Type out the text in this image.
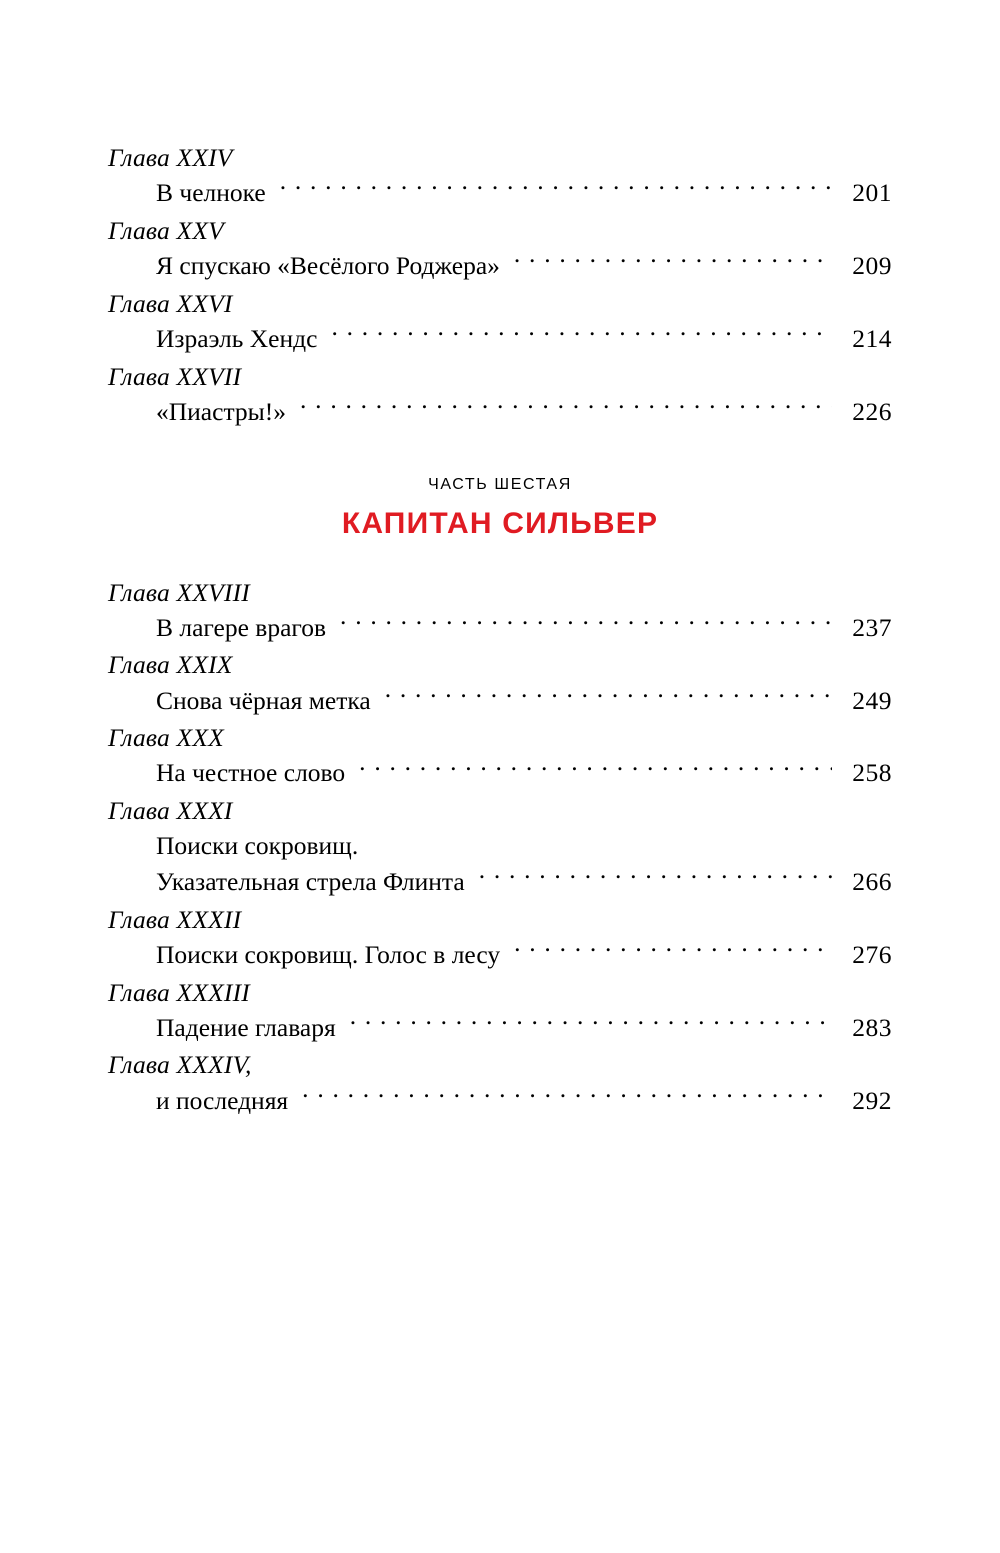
Глава XXIV
В челноке . . .	201
Глава XXV
Я спускаю «Весёлого Роджера» . . .	209
Глава XXVI
Израэль Хендс . . .	214
Глава XXVII
«Пиастры!» . . .	226
ЧАСТЬ ШЕСТАЯ
КАПИТАН СИЛЬВЕР
Глава XXVIII
В лагере врагов . . .	237
Глава XXIX
Снова чёрная метка . . .	249
Глава XXX
На честное слово . . .	258
Глава XXXI
Поиски сокровищ.
Указательная стрела Флинта . . .	266
Глава XXXII
Поиски сокровищ. Голос в лесу . . .	276
Глава XXXIII
Падение главаря . . .	283
Глава XXXIV,
и последняя . . .	292
